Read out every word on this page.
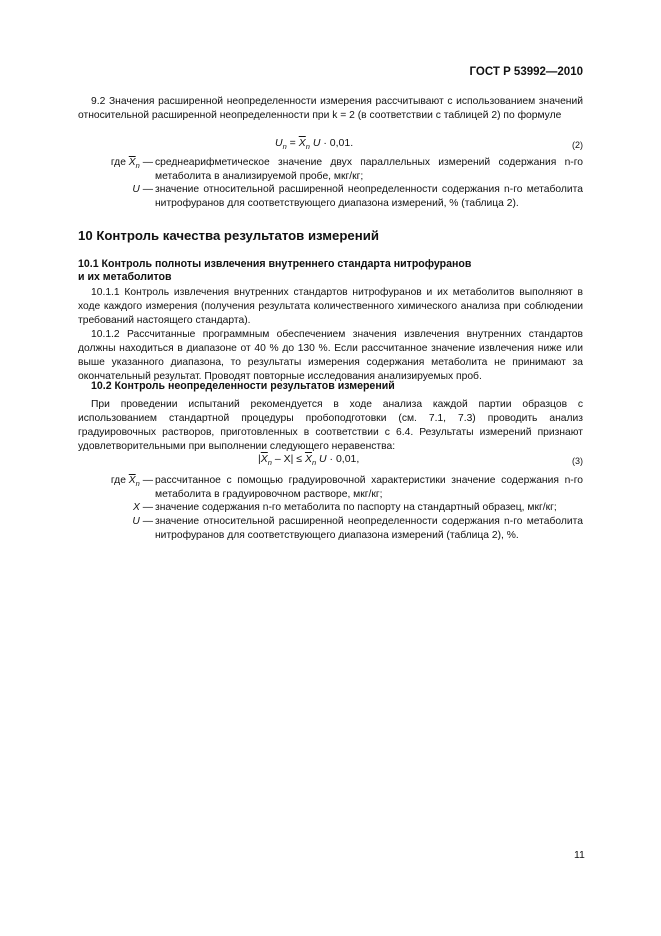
ГОСТ Р 53992—2010
9.2 Значения расширенной неопределенности измерения рассчитывают с использованием значений относительной расширенной неопределенности при k = 2 (в соответствии с таблицей 2) по формуле
$U_n = \overline{X}_n$ U · 0,01.	(2)
где $\overline{X}_n$ — среднеарифметическое значение двух параллельных измерений содержания n-го метаболита в анализируемой пробе, мкг/кг;
U — значение относительной расширенной неопределенности содержания n-го метаболита нитрофуранов для соответствующего диапазона измерений, % (таблица 2).
10 Контроль качества результатов измерений
10.1 Контроль полноты извлечения внутреннего стандарта нитрофуранов
и их метаболитов
10.1.1 Контроль извлечения внутренних стандартов нитрофуранов и их метаболитов выполняют в ходе каждого измерения (получения результата количественного химического анализа при соблюдении требований настоящего стандарта).
10.1.2 Рассчитанные программным обеспечением значения извлечения внутренних стандартов должны находиться в диапазоне от 40 % до 130 %. Если рассчитанное значение извлечения ниже или выше указанного диапазона, то результаты измерения содержания метаболита не принимают за окончательный результат. Проводят повторные исследования анализируемых проб.
10.2 Контроль неопределенности результатов измерений
При проведении испытаний рекомендуется в ходе анализа каждой партии образцов с использованием стандартной процедуры пробоподготовки (см. 7.1, 7.3) проводить анализ градуировочных растворов, приготовленных в соответствии с 6.4. Результаты измерений признают удовлетворительными при выполнении следующего неравенства:
$|\overline{X}_n - X| \le \overline{X}_n$ U · 0,01,	(3)
где $\overline{X}_n$ — рассчитанное с помощью градуировочной характеристики значение содержания n-го метаболита в градуировочном растворе, мкг/кг;
X — значение содержания n-го метаболита по паспорту на стандартный образец, мкг/кг;
U — значение относительной расширенной неопределенности содержания n-го метаболита нитрофуранов для соответствующего диапазона измерений (таблица 2), %.
11
